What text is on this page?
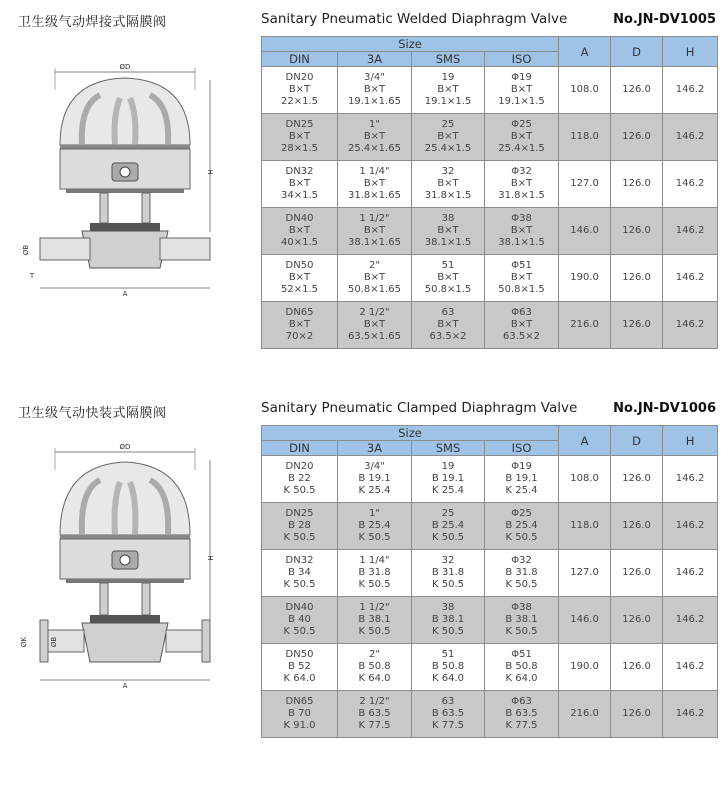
卫生级气动焊接式隔膜阀	Sanitary Pneumatic Welded Diaphragm Valve	No.JN-DV1005
ØD
H
ØB
T
A
Size				A	D	H
DIN	3A	SMS	ISO			

DN20
B×T
22×1.5	3/4"
B×T
19.1×1.65	19
B×T
19.1×1.5	Φ19
B×T
19.1×1.5	108.0	126.0	146.2

DN25
B×T
28×1.5	1"
B×T
25.4×1.65	25
B×T
25.4×1.5	Φ25
B×T
25.4×1.5	118.0	126.0	146.2

DN32
B×T
34×1.5	1 1/4"
B×T
31.8×1.65	32
B×T
31.8×1.5	Φ32
B×T
31.8×1.5	127.0	126.0	146.2

DN40
B×T
40×1.5	1 1/2"
B×T
38.1×1.65	38
B×T
38.1×1.5	Φ38
B×T
38.1×1.5	146.0	126.0	146.2

DN50
B×T
52×1.5	2"
B×T
50.8×1.65	51
B×T
50.8×1.5	Φ51
B×T
50.8×1.5	190.0	126.0	146.2

DN65
B×T
70×2	2 1/2"
B×T
63.5×1.65	63
B×T
63.5×2	Φ63
B×T
63.5×2	216.0	126.0	146.2
卫生级气动快装式隔膜阀	Sanitary Pneumatic Clamped Diaphragm Valve	No.JN-DV1006
ØD
H
ØK	ØB
A
Size				A	D	H
DIN	3A	SMS	ISO			

DN20
B 22
K 50.5	3/4"
B 19.1
K 25.4	19
B 19.1
K 25.4	Φ19
B 19.1
K 25.4	108.0	126.0	146.2

DN25
B 28
K 50.5	1"
B 25.4
K 50.5	25
B 25.4
K 50.5	Φ25
B 25.4
K 50.5	118.0	126.0	146.2

DN32
B 34
K 50.5	1 1/4"
B 31.8
K 50.5	32
B 31.8
K 50.5	Φ32
B 31.8
K 50.5	127.0	126.0	146.2

DN40
B 40
K 50.5	1 1/2"
B 38.1
K 50.5	38
B 38.1
K 50.5	Φ38
B 38.1
K 50.5	146.0	126.0	146.2

DN50
B 52
K 64.0	2"
B 50.8
K 64.0	51
B 50.8
K 64.0	Φ51
B 50.8
K 64.0	190.0	126.0	146.2

DN65
B 70
K 91.0	2 1/2"
B 63.5
K 77.5	63
B 63.5
K 77.5	Φ63
B 63.5
K 77.5	216.0	126.0	146.2
